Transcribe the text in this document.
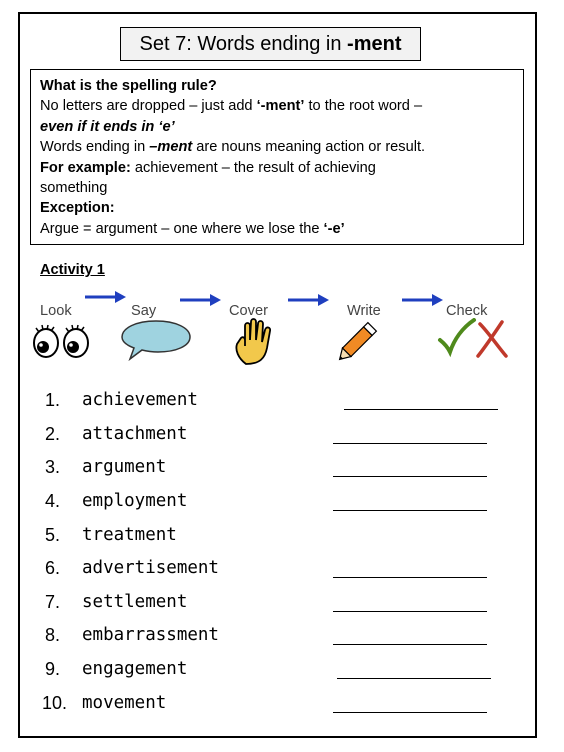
Set 7: Words ending in -ment
What is the spelling rule?
No letters are dropped – just add ‘-ment’ to the root word –
even if it ends in ‘e’
Words ending in –ment are nouns meaning action or result.
For example: achievement – the result of achieving
something
Exception:
Argue = argument – one where we lose the ‘-e’
Activity 1
Look	Say	Cover	Write	Check
1.	achievement
2.	attachment
3.	argument
4.	employment
5.	treatment
6.	advertisement
7.	settlement
8.	embarrassment
9.	engagement
10. movement
